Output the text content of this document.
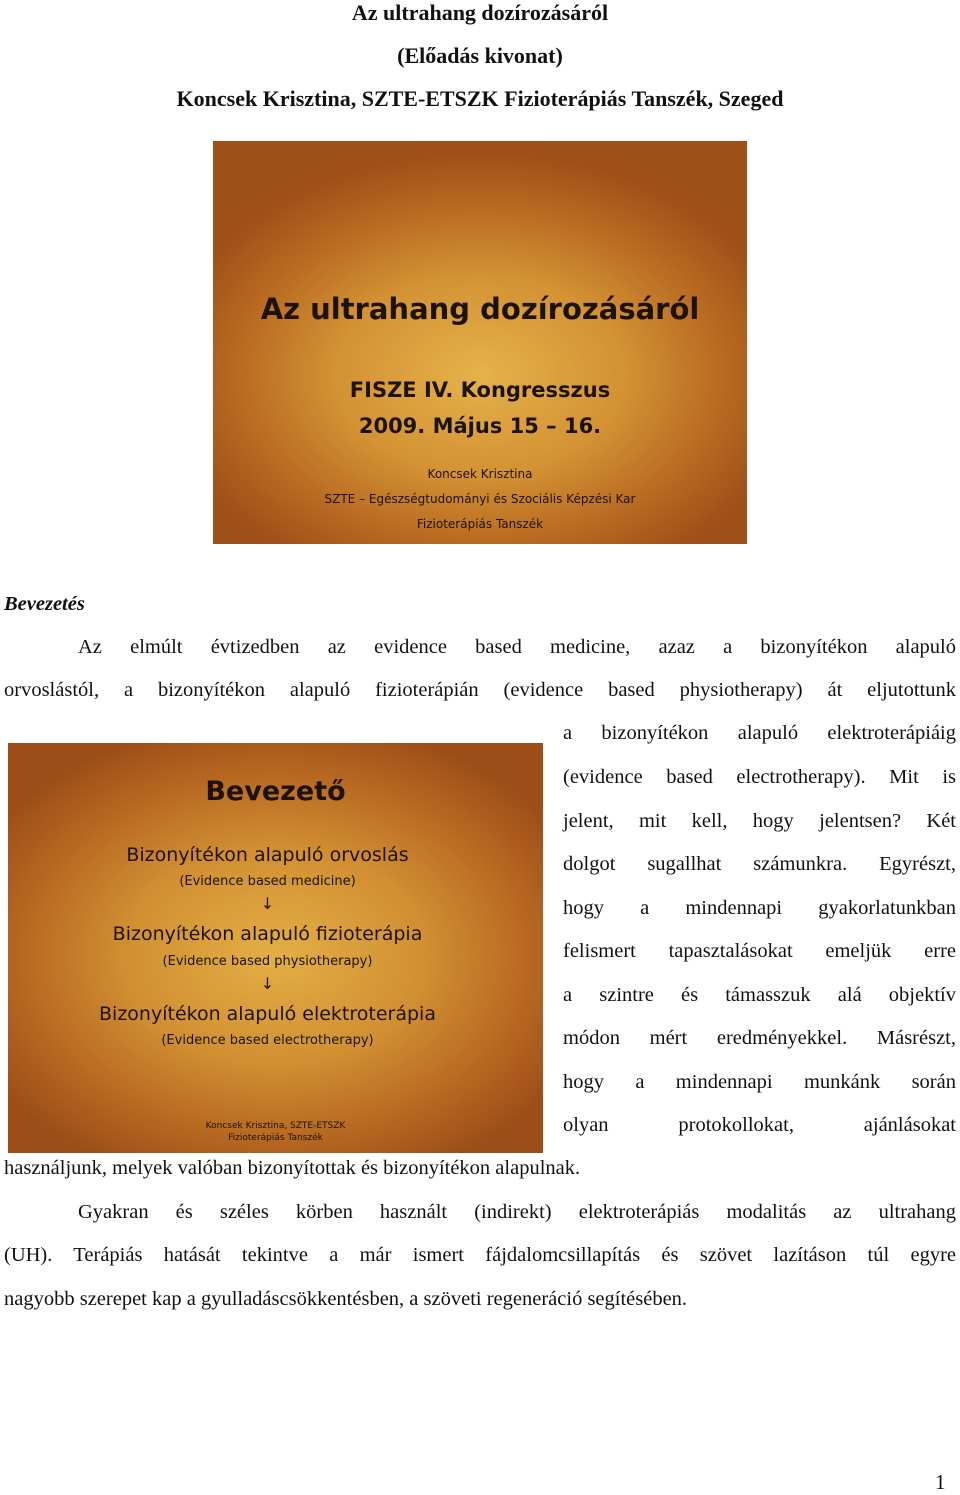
Az ultrahang dozírozásáról
(Előadás kivonat)
Koncsek Krisztina, SZTE-ETSZK Fizioterápiás Tanszék, Szeged
Az ultrahang dozírozásáról
FISZE IV. Kongresszus
2009. Május 15 – 16.
Koncsek Krisztina
SZTE – Egészségtudományi és Szociális Képzési Kar
Fizioterápiás Tanszék
Bevezetés

Az elmúlt évtizedben az evidence based medicine, azaz a bizonyítékon alapuló

orvoslástól, a bizonyítékon alapuló fizioterápián (evidence based physiotherapy) át eljutottunk

a bizonyítékon alapuló elektroterápiáig

(evidence based electrotherapy). Mit is

jelent, mit kell, hogy jelentsen? Két

dolgot sugallhat számunkra. Egyrészt,

hogy a mindennapi gyakorlatunkban

felismert tapasztalásokat emeljük erre

a szintre és támasszuk alá objektív

módon mért eredményekkel. Másrészt,

hogy a mindennapi munkánk során

olyan protokollokat, ajánlásokat

használjunk, melyek valóban bizonyítottak és bizonyítékon alapulnak.

Bevezető
Bizonyítékon alapuló orvoslás
(Evidence based medicine)
↓
Bizonyítékon alapuló fizioterápia
(Evidence based physiotherapy)
↓
Bizonyítékon alapuló elektroterápia
(Evidence based electrotherapy)
Koncsek Krisztina, SZTE-ETSZK
Fizioterápiás Tanszék

Gyakran és széles körben használt (indirekt) elektroterápiás modalitás az ultrahang

(UH). Terápiás hatását tekintve a már ismert fájdalomcsillapítás és szövet lazításon túl egyre

nagyobb szerepet kap a gyulladáscsökkentésben, a szöveti regeneráció segítésében.

1
